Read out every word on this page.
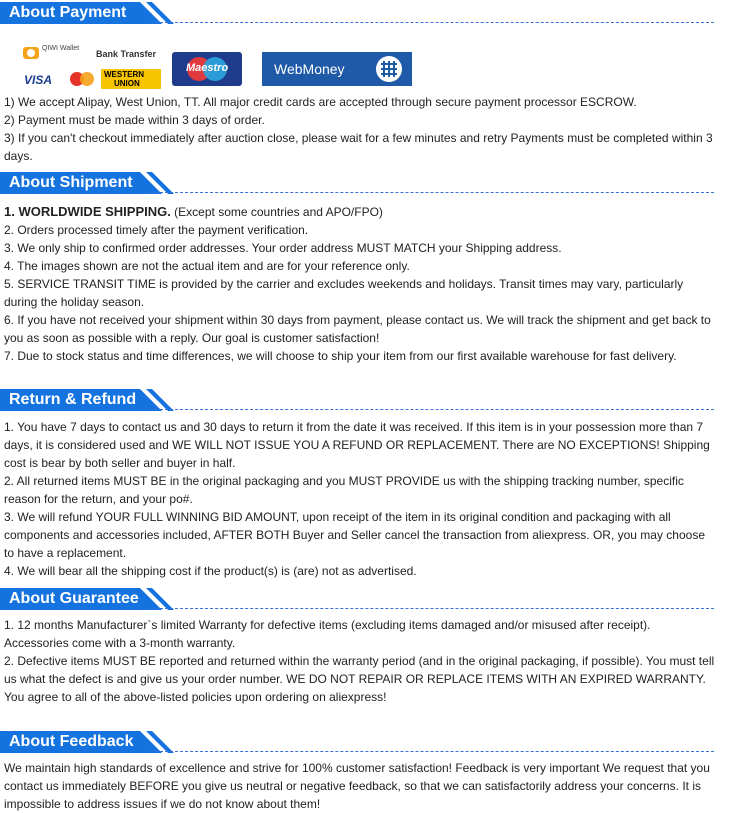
About Payment
QIWI Wallet
Bank Transfer
VISA	WESTERN
UNION
Maestro	WebMoney

1) We accept Alipay, West Union, TT. All major credit cards are accepted through secure payment processor ESCROW.

2) Payment must be made within 3 days of order.

3) If you can't checkout immediately after auction close, please wait for a few minutes and retry Payments must be completed within 3 days.

About Shipment

1. WORLDWIDE SHIPPING. (Except some countries and APO/FPO)

2. Orders processed timely after the payment verification.

3. We only ship to confirmed order addresses. Your order address MUST MATCH your Shipping address.

4. The images shown are not the actual item and are for your reference only.

5. SERVICE TRANSIT TIME is provided by the carrier and excludes weekends and holidays. Transit times may vary, particularly during the holiday season.

6. If you have not received your shipment within 30 days from payment, please contact us. We will track the shipment and get back to you as soon as possible with a reply. Our goal is customer satisfaction!

7. Due to stock status and time differences, we will choose to ship your item from our first available warehouse for fast delivery.

Return & Refund

1. You have 7 days to contact us and 30 days to return it from the date it was received. If this item is in your possession more than 7 days, it is considered used and WE WILL NOT ISSUE YOU A REFUND OR REPLACEMENT. There are NO EXCEPTIONS! Shipping cost is bear by both seller and buyer in half.

2. All returned items MUST BE in the original packaging and you MUST PROVIDE us with the shipping tracking number, specific reason for the return, and your po#.

3. We will refund YOUR FULL WINNING BID AMOUNT, upon receipt of the item in its original condition and packaging with all components and accessories included, AFTER BOTH Buyer and Seller cancel the transaction from aliexpress. OR, you may choose to have a replacement.

4. We will bear all the shipping cost if the product(s) is (are) not as advertised.

About Guarantee

1. 12 months Manufacturer`s limited Warranty for defective items (excluding items damaged and/or misused after receipt). Accessories come with a 3-month warranty.

2. Defective items MUST BE reported and returned within the warranty period (and in the original packaging, if possible). You must tell us what the defect is and give us your order number. WE DO NOT REPAIR OR REPLACE ITEMS WITH AN EXPIRED WARRANTY.

You agree to all of the above-listed policies upon ordering on aliexpress!

About Feedback

We maintain high standards of excellence and strive for 100% customer satisfaction! Feedback is very important We request that you contact us immediately BEFORE you give us neutral or negative feedback, so that we can satisfactorily address your concerns. It is impossible to address issues if we do not know about them!
